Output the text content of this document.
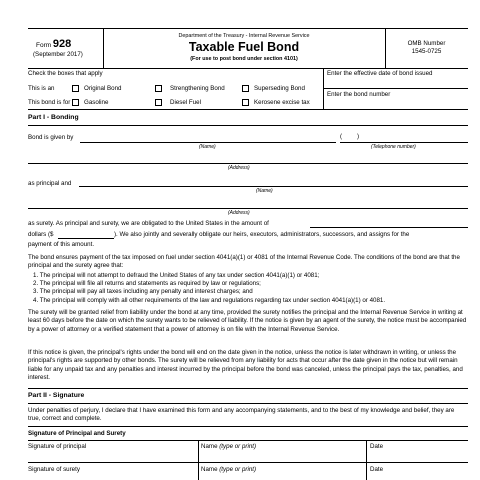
Form 928
(September 2017)
Department of the Treasury - Internal Revenue Service
Taxable Fuel Bond
(For use to post bond under section 4101)
OMB Number
1545-0725
Check the boxes that apply	Enter the effective date of bond issued
Enter the bond number
This is an	Original Bond	Strengthening Bond	Superseding Bond
This bond is for Gasoline	Diesel Fuel	Kerosene excise tax
Part I - Bonding
Bond is given by	( )
(Name)	(Telephone number)
(Address)
as principal and
(Name)
(Address)
as surety. As principal and surety, we are obligated to the United States in the amount of
dollars ($	). We also jointly and severally obligate our heirs, executors, administrators, successors, and assigns for the
payment of this amount.
The bond ensures payment of the tax imposed on fuel under section 4041(a)(1) or 4081 of the Internal Revenue Code. The conditions of the bond are that the principal and the surety agree that:
1. The principal will not attempt to defraud the United States of any tax under section 4041(a)(1) or 4081;
2. The principal will file all returns and statements as required by law or regulations;
3. The principal will pay all taxes including any penalty and interest charges; and
4. The principal will comply with all other requirements of the law and regulations regarding tax under section 4041(a)(1) or 4081.
The surety will be granted relief from liability under the bond at any time, provided the surety notifies the principal and the Internal Revenue Service in writing at least 60 days before the date on which the surety wants to be relieved of liability. If the notice is given by an agent of the surety, the notice must be accompanied by a power of attorney or a verified statement that a power of attorney is on file with the Internal Revenue Service.
If this notice is given, the principal's rights under the bond will end on the date given in the notice, unless the notice is later withdrawn in writing, or unless the principal's rights are supported by other bonds. The surety will be relieved from any liability for acts that occur after the date given in the notice but will remain liable for any unpaid tax and any penalties and interest incurred by the principal before the bond was canceled, unless the principal pays the tax, penalties, and interest.
Part II - Signature
Under penalties of perjury, I declare that I have examined this form and any accompanying statements, and to the best of my knowledge and belief, they are true, correct and complete.
Signature of Principal and Surety
Signature of principal	Name (type or print)	Date
Signature of surety	Name (type or print)	Date
